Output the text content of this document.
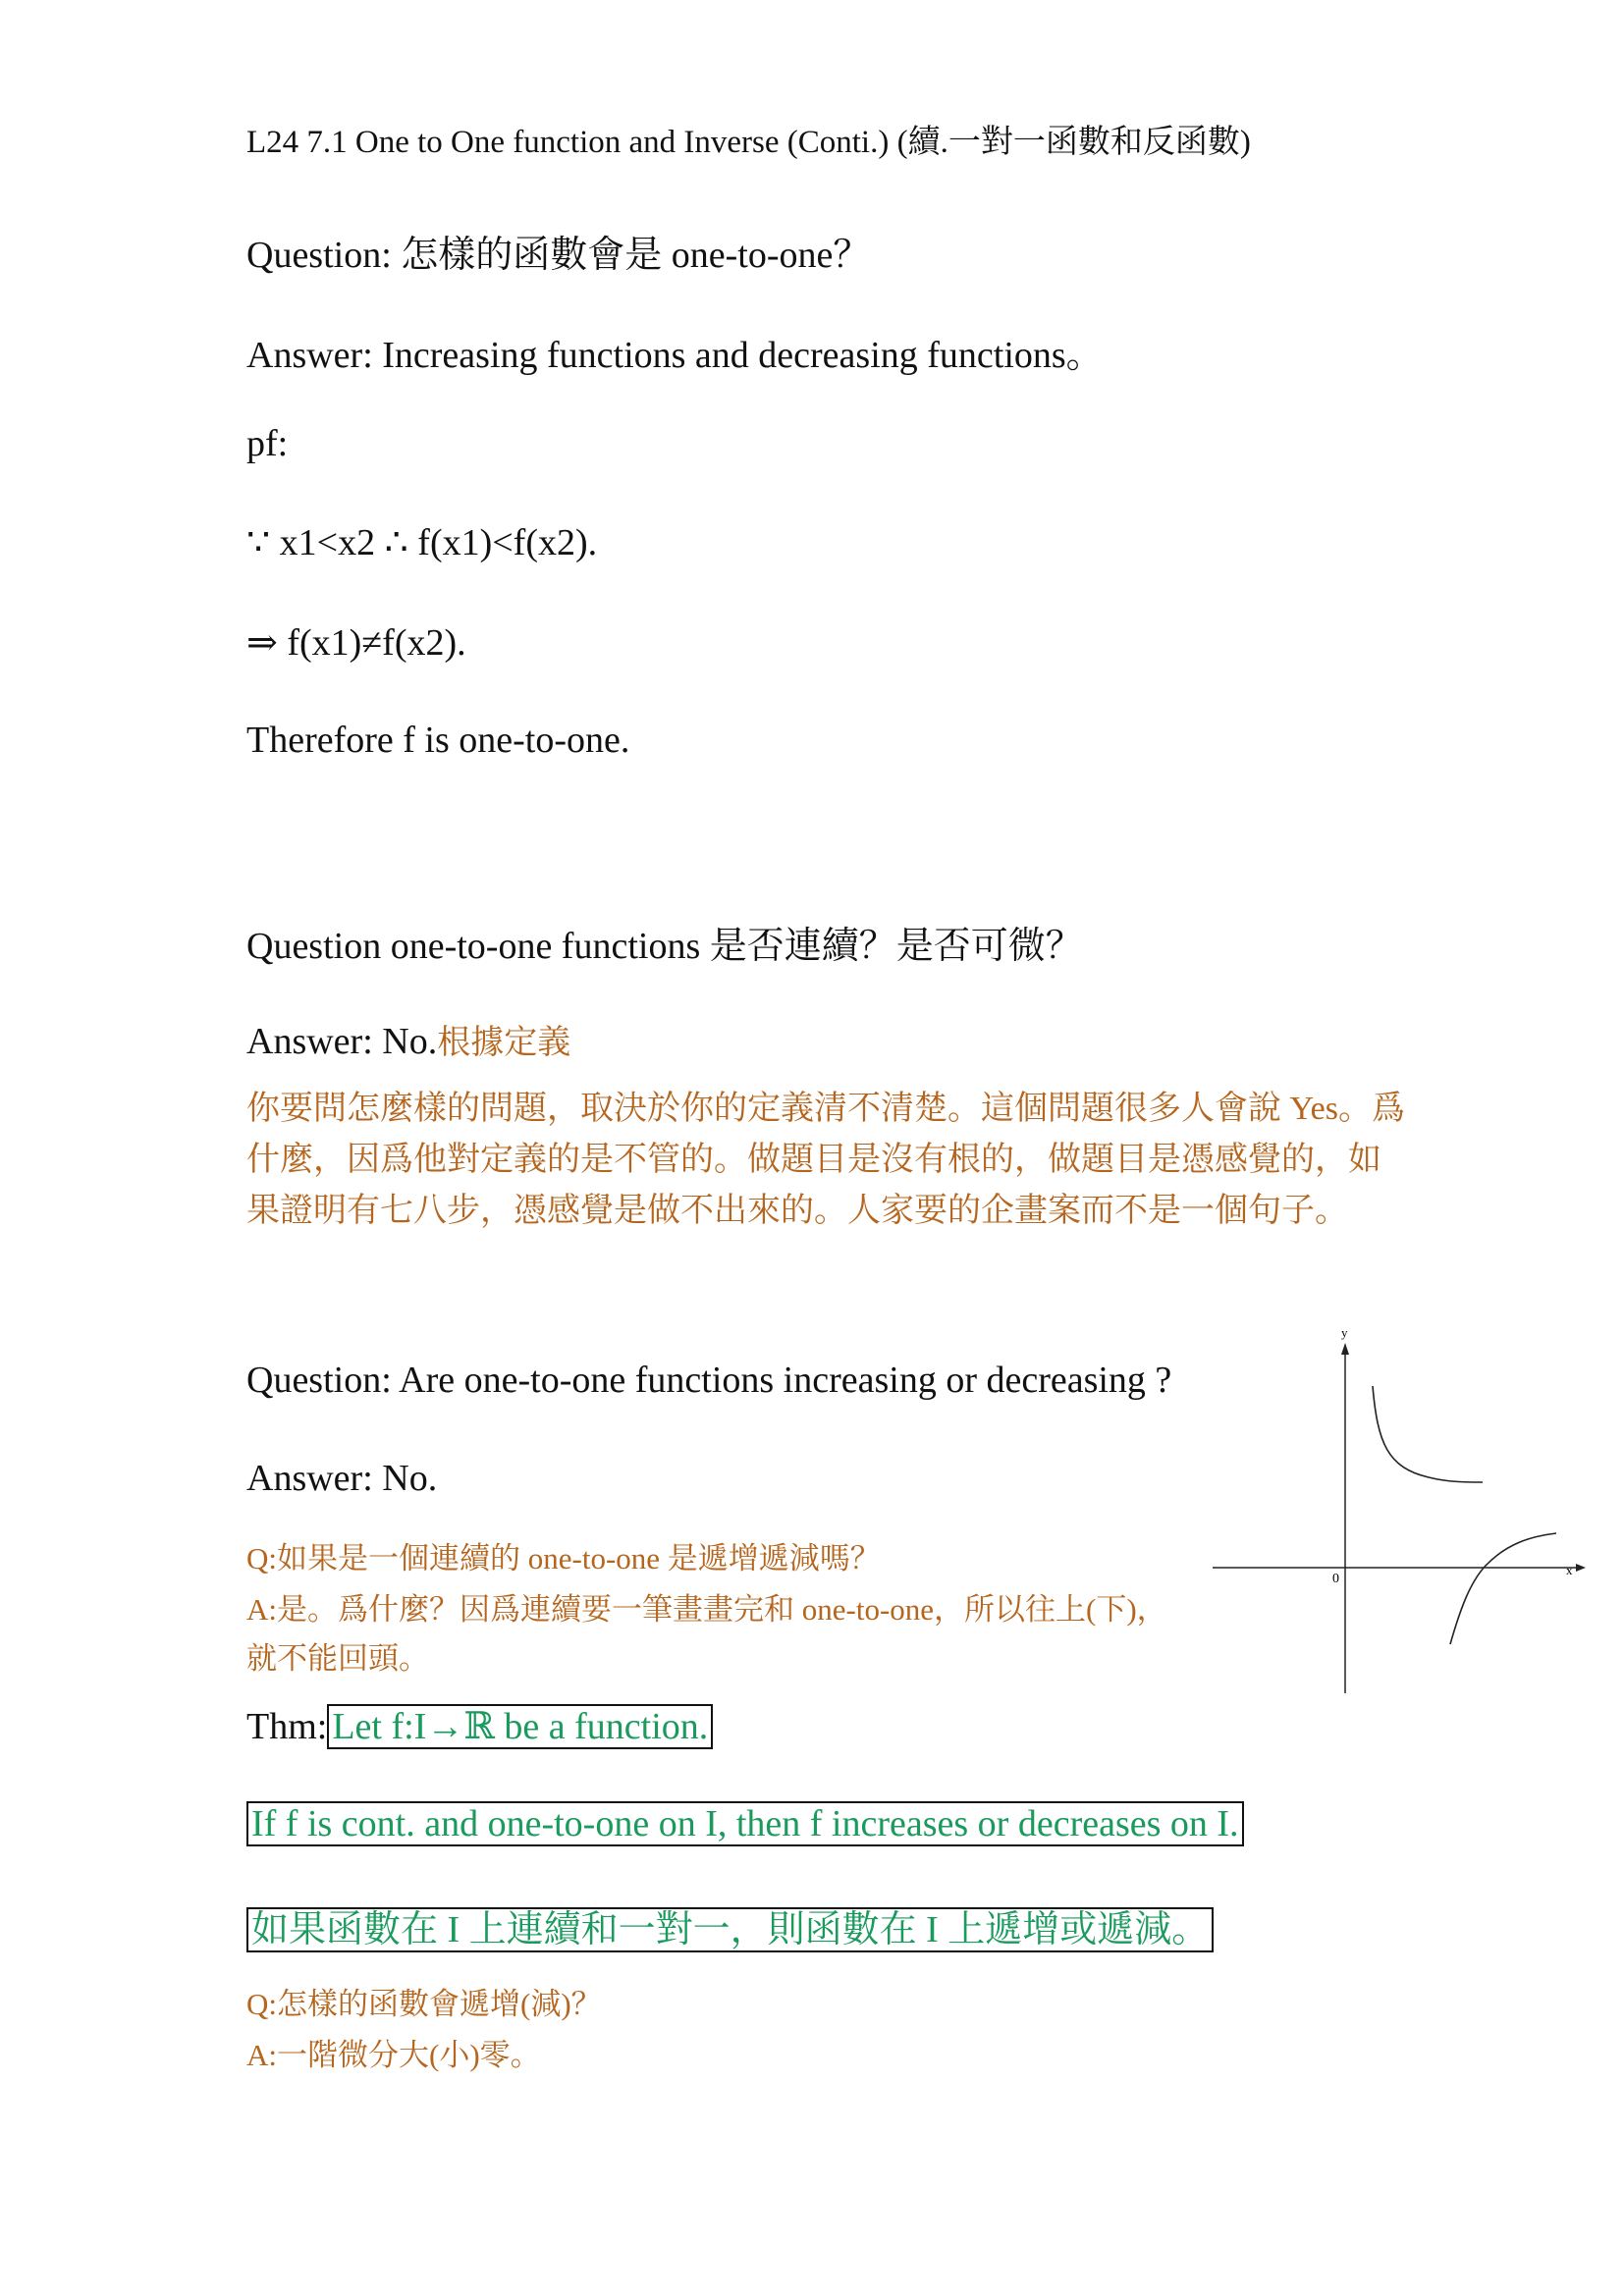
L24 7.1 One to One function and Inverse (Conti.) (續.一對一函數和反函數)
Question: 怎樣的函數會是 one-to-one？
Answer: Increasing functions and decreasing functions。
pf:
∵ x1<x2 ∴ f(x1)<f(x2).
⇒ f(x1)≠f(x2).
Therefore f is one-to-one.
Question one-to-one functions 是否連續？是否可微？
Answer: No.根據定義
你要問怎麼樣的問題，取決於你的定義清不清楚。這個問題很多人會說 Yes。爲什麼，因爲他對定義的是不管的。做題目是沒有根的，做題目是憑感覺的，如果證明有七八步，憑感覺是做不出來的。人家要的企畫案而不是一個句子。
Question: Are one-to-one functions increasing or decreasing ?
Answer: No.
Q:如果是一個連續的 one-to-one 是遞增遞減嗎？
A:是。爲什麼？因爲連續要一筆畫畫完和 one-to-one，所以往上(下)，
就不能回頭。
Thm: Let f:I→ℝ be a function.
If f is cont. and one-to-one on I, then f increases or decreases on I.
如果函數在 I 上連續和一對一，則函數在 I 上遞增或遞減。
Q:怎樣的函數會遞增(減)？
A:一階微分大(小)零。
y
x
0
